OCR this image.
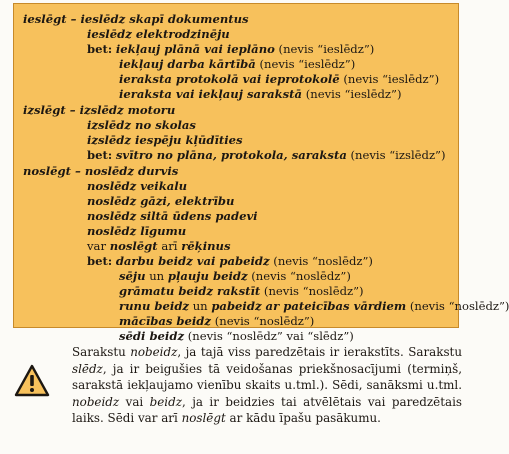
ieslēgt – ieslēdz skapī dokumentus
ieslēdz elektrodzinēju
bet: iekļauj plānā vai ieplāno (nevis “ieslēdz”)
iekļauj darba kārtībā (nevis “ieslēdz”)
ieraksta protokolā vai ieprotokolē (nevis “ieslēdz”)
ieraksta vai iekļauj sarakstā (nevis “ieslēdz”)
izslēgt – izslēdz motoru
izslēdz no skolas
izslēdz iespēju kļūdīties
bet: svītro no plāna, protokola, saraksta (nevis “izslēdz”)
noslēgt – noslēdz durvis
noslēdz veikalu
noslēdz gāzi, elektrību
noslēdz siltā ūdens padevi
noslēdz līgumu
var noslēgt arī rēķinus
bet: darbu beidz vai pabeidz (nevis “noslēdz”)
sēju un pļauju beidz (nevis “noslēdz”)
grāmatu beidz rakstīt (nevis “noslēdz”)
runu beidz un pabeidz ar pateicības vārdiem (nevis “noslēdz”)
mācības beidz (nevis “noslēdz”)
sēdi beidz (nevis “noslēdz” vai “slēdz”)
Sarakstu nobeidz, ja tajā viss paredzētais ir ierakstīts. Sarakstu slēdz, ja ir beigušies tā veidošanas priekšnosacījumi (termiņš, sarakstā iekļaujamo vienību skaits u.tml.). Sēdi, sanāksmi u.tml. nobeidz vai beidz, ja ir beidzies tai atvēlētais vai paredzētais laiks. Sēdi var arī noslēgt ar kādu īpašu pasākumu.
